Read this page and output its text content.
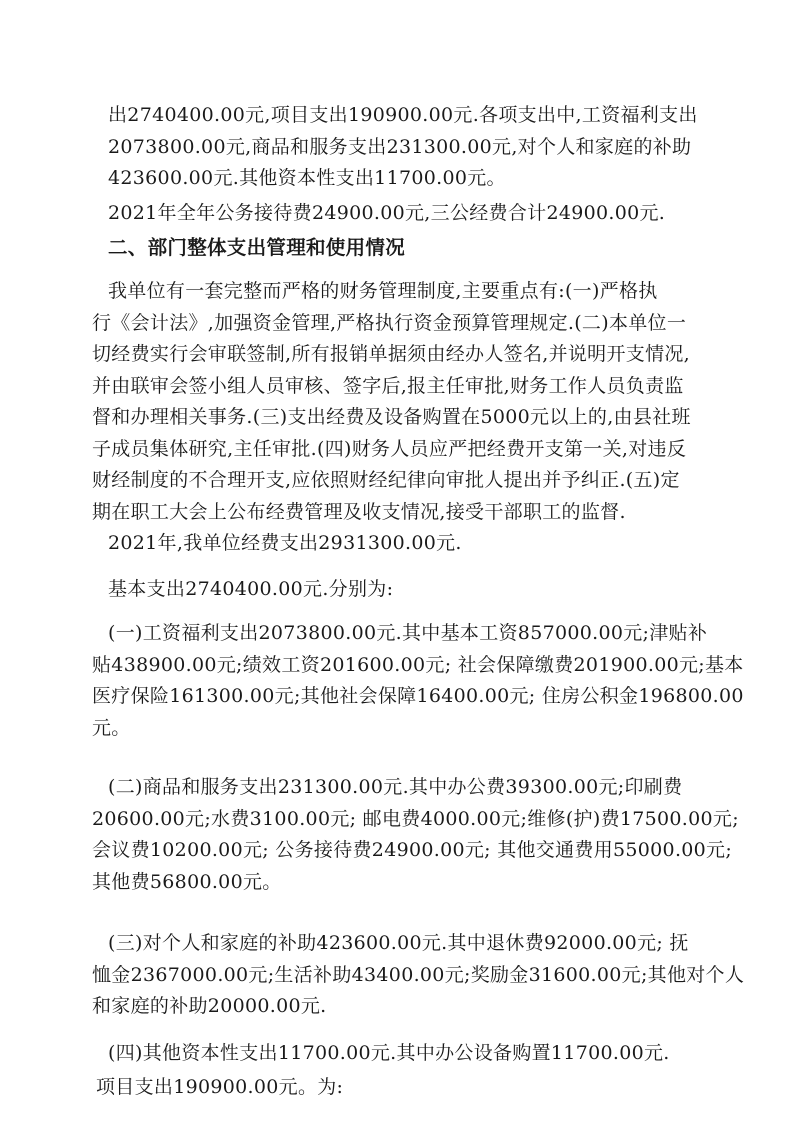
出2740400.00元,项目支出190900.00元.各项支出中,工资福利支出
2073800.00元,商品和服务支出231300.00元,对个人和家庭的补助
423600.00元.其他资本性支出11700.00元。
2021年全年公务接待费24900.00元,三公经费合计24900.00元.
二、部门整体支出管理和使用情况
我单位有一套完整而严格的财务管理制度,主要重点有:(一)严格执
行《会计法》,加强资金管理,严格执行资金预算管理规定.(二)本单位一
切经费实行会审联签制,所有报销单据须由经办人签名,并说明开支情况,
并由联审会签小组人员审核、签字后,报主任审批,财务工作人员负责监
督和办理相关事务.(三)支出经费及设备购置在5000元以上的,由县社班
子成员集体研究,主任审批.(四)财务人员应严把经费开支第一关,对违反
财经制度的不合理开支,应依照财经纪律向审批人提出并予纠正.(五)定
期在职工大会上公布经费管理及收支情况,接受干部职工的监督.
2021年,我单位经费支出2931300.00元.
基本支出2740400.00元.分别为:
(一)工资福利支出2073800.00元.其中基本工资857000.00元;津贴补
贴438900.00元;绩效工资201600.00元; 社会保障缴费201900.00元;基本
医疗保险161300.00元;其他社会保障16400.00元; 住房公积金196800.00
元。
(二)商品和服务支出231300.00元.其中办公费39300.00元;印刷费
20600.00元;水费3100.00元; 邮电费4000.00元;维修(护)费17500.00元;
会议费10200.00元; 公务接待费24900.00元; 其他交通费用55000.00元;
其他费56800.00元。
(三)对个人和家庭的补助423600.00元.其中退休费92000.00元; 抚
恤金2367000.00元;生活补助43400.00元;奖励金31600.00元;其他对个人
和家庭的补助20000.00元.
(四)其他资本性支出11700.00元.其中办公设备购置11700.00元.
项目支出190900.00元。为:
